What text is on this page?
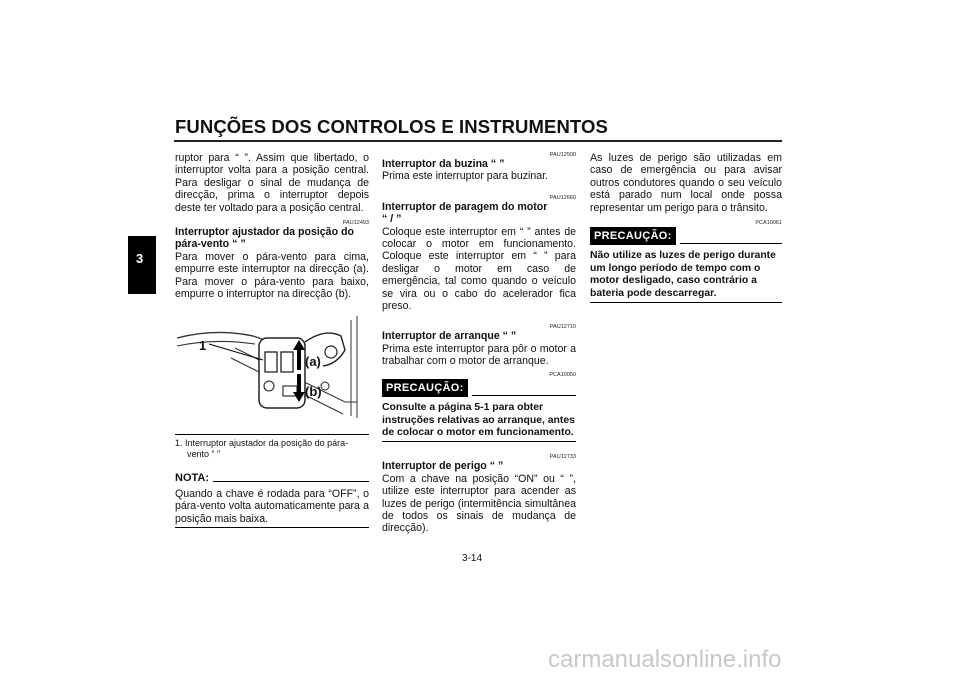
FUNÇÕES DOS CONTROLOS E INSTRUMENTOS
3

ruptor para “ ”. Assim que libertado, o interruptor volta para a posição central. Para desligar o sinal de mudança de direcção, prima o interruptor depois deste ter voltado para a posição central.

PAU12493
Interruptor ajustador da posição do pára-vento “ ”

Para mover o pára-vento para cima, empurre este interruptor na direcção (a). Para mover o pára-vento para baixo, empurre o interruptor na direcção (b).

1
(a)
(b)
1. Interruptor ajustador da posição do pára-vento “ ”
NOTA:

Quando a chave é rodada para “OFF”, o pára-vento volta automaticamente para a posição mais baixa.

PAU12500
Interruptor da buzina “ ”

Prima este interruptor para buzinar.

PAU12660
Interruptor de paragem do motor
“ / ”

Coloque este interruptor em “ ” antes de colocar o motor em funcionamento. Coloque este interruptor em “ ” para desligar o motor em caso de emergência, tal como quando o veículo se vira ou o cabo do acelerador fica preso.

PAU12710
Interruptor de arranque “ ”

Prima este interruptor para pôr o motor a trabalhar com o motor de arranque.

PCA10050
PRECAUÇÃO:
Consulte a página 5-1 para obter instruções relativas ao arranque, antes de colocar o motor em funcionamento.
PAU12733
Interruptor de perigo “ ”

Com a chave na posição “ON” ou “ ”, utilize este interruptor para acender as luzes de perigo (intermitência simultânea de todos os sinais de mudança de direcção).

As luzes de perigo são utilizadas em caso de emergência ou para avisar outros condutores quando o seu veículo está parado num local onde possa representar um perigo para o trânsito.

PCA10061
PRECAUÇÃO:
Não utilize as luzes de perigo durante um longo período de tempo com o motor desligado, caso contrário a bateria pode descarregar.
3-14
carmanualsonline.info
